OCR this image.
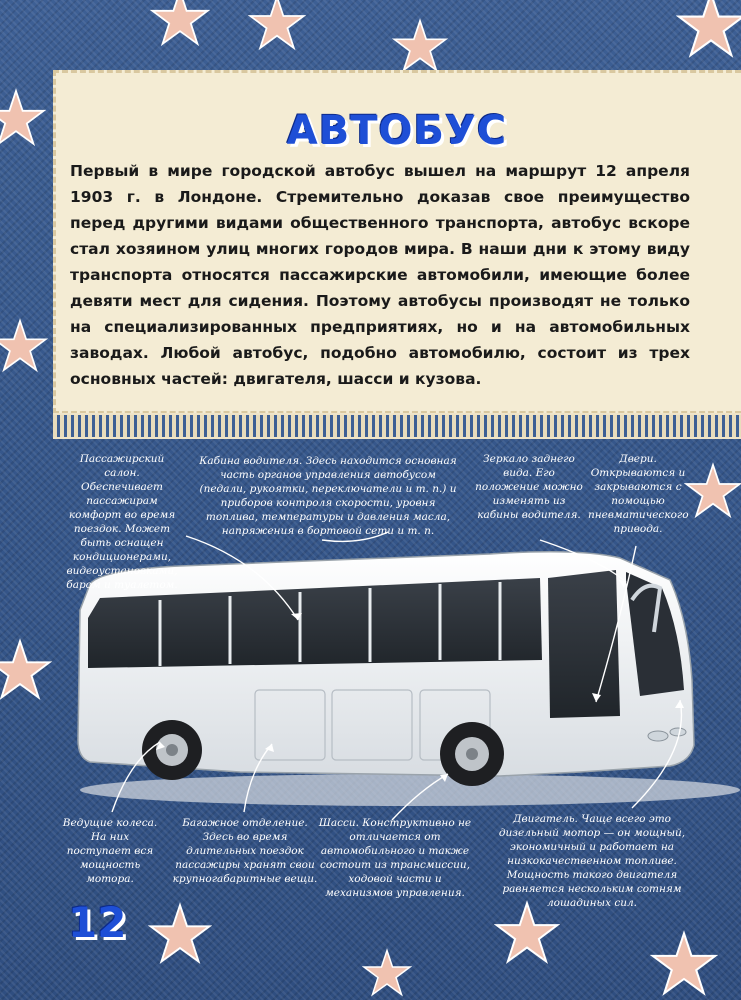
АВТОБУС
Первый в мире городской автобус вышел на маршрут 12 апреля 1903 г. в Лондоне. Стремительно доказав свое преимущество перед другими видами общественного транспорта, автобус вскоре стал хозяином улиц многих городов мира. В наши дни к этому виду транспорта относятся пассажирские автомобили, имеющие более девяти мест для сидения. Поэтому автобусы производят не только на специализированных предприятиях, но и на автомобильных заводах. Любой автобус, подобно автомобилю, состоит из трех основных частей: двигателя, шасси и кузова.
Пассажирский салон. Обеспечивает пассажирам комфорт во время поездок. Может быть оснащен кондиционерами, видеоустановками, баром и туалетом.
Кабина водителя. Здесь находится основная часть органов управления автобусом (педали, рукоятки, переключатели и т. п.) и приборов контроля скорости, уровня топлива, температуры и давления масла, напряжения в бортовой сети и т. п.
Зеркало заднего вида. Его положение можно изменять из кабины водителя.
Двери. Открываются и закрываются с помощью пневматического привода.
Ведущие колеса. На них поступает вся мощность мотора.
Багажное отделение. Здесь во время длительных поездок пассажиры хранят свои крупногабаритные вещи.
Шасси. Конструктивно не отличается от автомобильного и также состоит из трансмиссии, ходовой части и механизмов управления.
Двигатель. Чаще всего это дизельный мотор — он мощный, экономичный и работает на низкокачественном топливе. Мощность такого двигателя равняется нескольким сотням лошадиных сил.
12
